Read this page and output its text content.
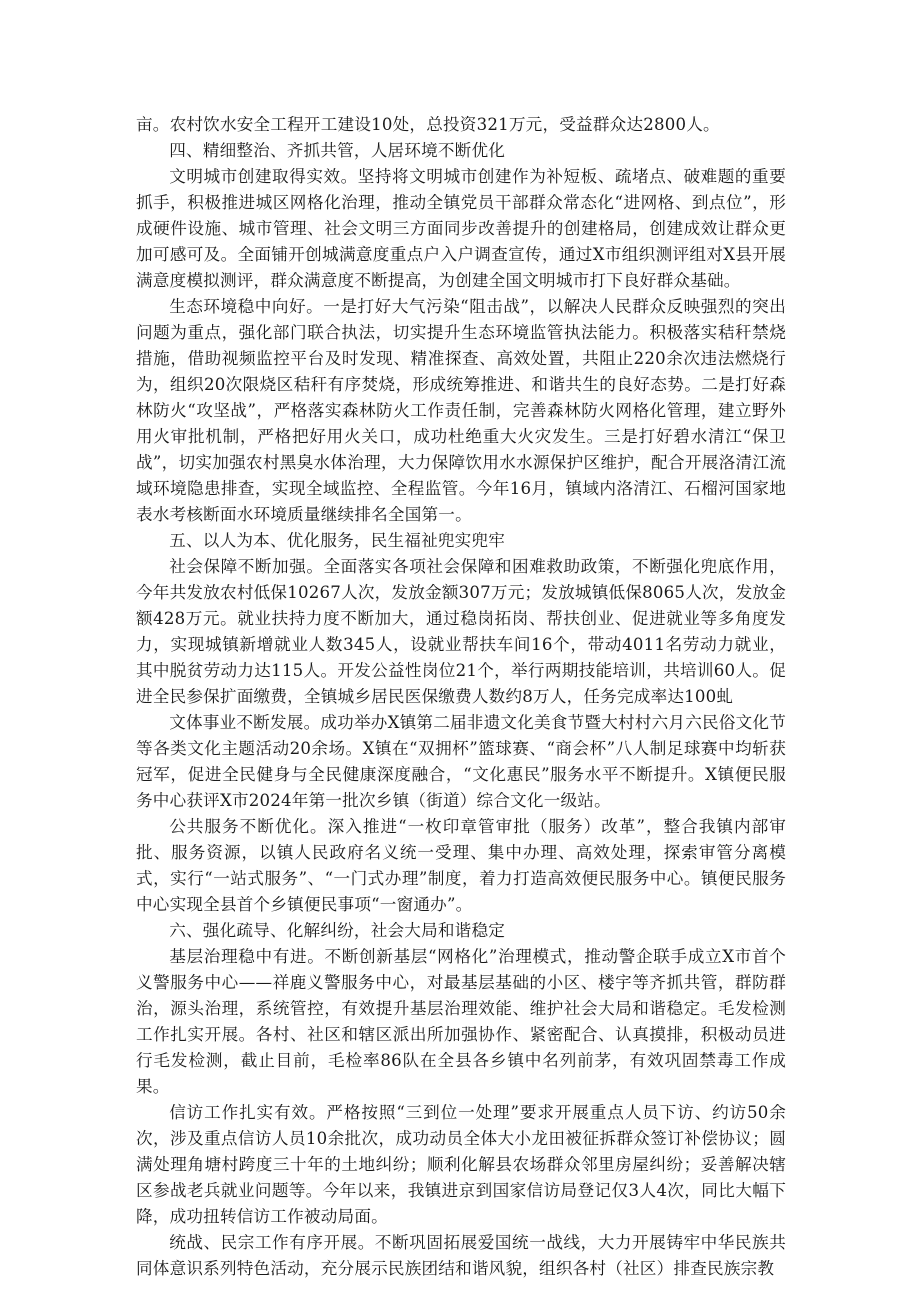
亩。农村饮水安全工程开工建设10处，总投资321万元，受益群众达2800人。

四、精细整治、齐抓共管，人居环境不断优化

文明城市创建取得实效。坚持将文明城市创建作为补短板、疏堵点、破难题的重要抓手，积极推进城区网格化治理，推动全镇党员干部群众常态化“进网格、到点位”，形成硬件设施、城市管理、社会文明三方面同步改善提升的创建格局，创建成效让群众更加可感可及。全面铺开创城满意度重点户入户调查宣传，通过X市组织测评组对X县开展满意度模拟测评，群众满意度不断提高，为创建全国文明城市打下良好群众基础。

生态环境稳中向好。一是打好大气污染“阻击战”，以解决人民群众反映强烈的突出问题为重点，强化部门联合执法，切实提升生态环境监管执法能力。积极落实秸秆禁烧措施，借助视频监控平台及时发现、精准探查、高效处置，共阻止220余次违法燃烧行为，组织20次限烧区秸秆有序焚烧，形成统筹推进、和谐共生的良好态势。二是打好森林防火“攻坚战”，严格落实森林防火工作责任制，完善森林防火网格化管理，建立野外用火审批机制，严格把好用火关口，成功杜绝重大火灾发生。三是打好碧水清江“保卫战”，切实加强农村黑臭水体治理，大力保障饮用水水源保护区维护，配合开展洛清江流域环境隐患排查，实现全域监控、全程监管。今年16月，镇域内洛清江、石榴河国家地表水考核断面水环境质量继续排名全国第一。

五、以人为本、优化服务，民生福祉兜实兜牢

社会保障不断加强。全面落实各项社会保障和困难救助政策，不断强化兜底作用，今年共发放农村低保10267人次，发放金额307万元；发放城镇低保8065人次，发放金额428万元。就业扶持力度不断加大，通过稳岗拓岗、帮扶创业、促进就业等多角度发力，实现城镇新增就业人数345人，设就业帮扶车间16个，带动4011名劳动力就业，其中脱贫劳动力达115人。开发公益性岗位21个，举行两期技能培训，共培训60人。促进全民参保扩面缴费，全镇城乡居民医保缴费人数约8万人，任务完成率达100虬

文体事业不断发展。成功举办X镇第二届非遗文化美食节暨大村村六月六民俗文化节等各类文化主题活动20余场。X镇在“双拥杯”篮球赛、“商会杯”八人制足球赛中均斩获冠军，促进全民健身与全民健康深度融合，“文化惠民”服务水平不断提升。X镇便民服务中心获评X市2024年第一批次乡镇（街道）综合文化一级站。

公共服务不断优化。深入推进“一枚印章管审批（服务）改革”，整合我镇内部审批、服务资源，以镇人民政府名义统一受理、集中办理、高效处理，探索审管分离模式，实行“一站式服务”、“一门式办理”制度，着力打造高效便民服务中心。镇便民服务中心实现全县首个乡镇便民事项“一窗通办”。

六、强化疏导、化解纠纷，社会大局和谐稳定

基层治理稳中有进。不断创新基层“网格化”治理模式，推动警企联手成立X市首个义警服务中心——祥鹿义警服务中心，对最基层基础的小区、楼宇等齐抓共管，群防群治，源头治理，系统管控，有效提升基层治理效能、维护社会大局和谐稳定。毛发检测工作扎实开展。各村、社区和辖区派出所加强协作、紧密配合、认真摸排，积极动员进行毛发检测，截止目前，毛检率86队在全县各乡镇中名列前茅，有效巩固禁毒工作成果。

信访工作扎实有效。严格按照“三到位一处理”要求开展重点人员下访、约访50余次，涉及重点信访人员10余批次，成功动员全体大小龙田被征拆群众签订补偿协议；圆满处理角塘村跨度三十年的土地纠纷；顺利化解县农场群众邻里房屋纠纷；妥善解决辖区参战老兵就业问题等。今年以来，我镇进京到国家信访局登记仅3人4次，同比大幅下降，成功扭转信访工作被动局面。

统战、民宗工作有序开展。不断巩固拓展爱国统一战线，大力开展铸牢中华民族共同体意识系列特色活动，充分展示民族团结和谐风貌，组织各村（社区）排查民族宗教
